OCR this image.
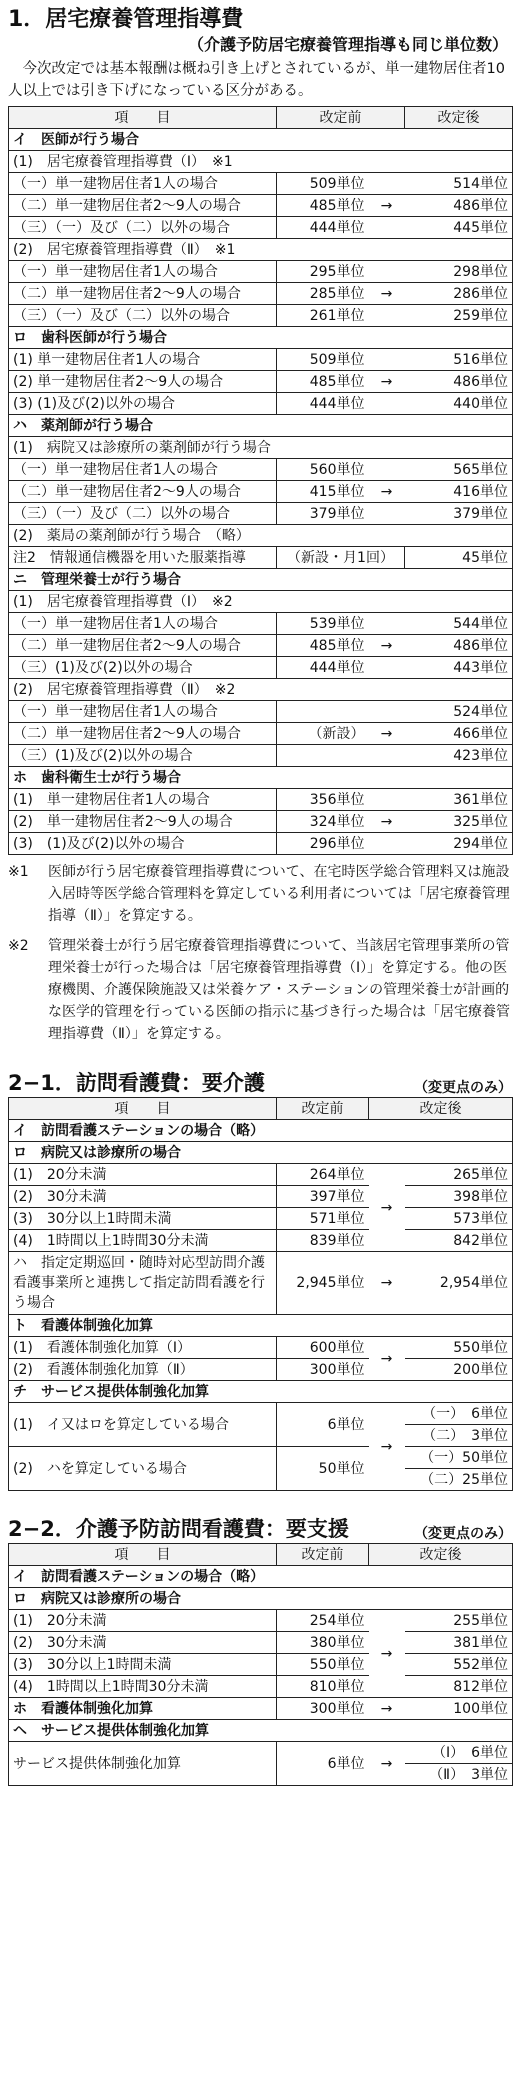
1．居宅療養管理指導費
（介護予防居宅療養管理指導も同じ単位数）
今次改定では基本報酬は概ね引き上げとされているが、単一建物居住者10人以上では引き下げになっている区分がある。
項　　目	改定前		改定後
イ　医師が行う場合			
(1)　居宅療養管理指導費（Ⅰ）　※1			
（一）単一建物居住者1人の場合	509単位		514単位
（二）単一建物居住者2〜9人の場合	485単位	→	486単位
（三）（一）及び（二）以外の場合	444単位		445単位
(2)　居宅療養管理指導費（Ⅱ）　※1			
（一）単一建物居住者1人の場合	295単位		298単位
（二）単一建物居住者2〜9人の場合	285単位	→	286単位
（三）（一）及び（二）以外の場合	261単位		259単位
ロ　歯科医師が行う場合			
(1) 単一建物居住者1人の場合	509単位		516単位
(2) 単一建物居住者2〜9人の場合	485単位	→	486単位
(3) (1)及び(2)以外の場合	444単位		440単位
ハ　薬剤師が行う場合			
(1)　病院又は診療所の薬剤師が行う場合			
（一）単一建物居住者1人の場合	560単位		565単位
（二）単一建物居住者2〜9人の場合	415単位	→	416単位
（三）（一）及び（二）以外の場合	379単位		379単位
(2)　薬局の薬剤師が行う場合　（略）			
注2　情報通信機器を用いた服薬指導	（新設・月1回）		45単位
ニ　管理栄養士が行う場合			
(1)　居宅療養管理指導費（Ⅰ）　※2			
（一）単一建物居住者1人の場合	539単位		544単位
（二）単一建物居住者2〜9人の場合	485単位	→	486単位
（三）(1)及び(2)以外の場合	444単位		443単位
(2)　居宅療養管理指導費（Ⅱ）　※2			
（一）単一建物居住者1人の場合			524単位
（二）単一建物居住者2〜9人の場合	（新設）	→	466単位
（三）(1)及び(2)以外の場合			423単位
ホ　歯科衛生士が行う場合			
(1)　単一建物居住者1人の場合	356単位		361単位
(2)　単一建物居住者2〜9人の場合	324単位	→	325単位
(3)　(1)及び(2)以外の場合	296単位		294単位
※1	医師が行う居宅療養管理指導費について、在宅時医学総合管理料又は施設入居時等医学総合管理料を算定している利用者については「居宅療養管理指導（Ⅱ）」を算定する。
※2	管理栄養士が行う居宅療養管理指導費について、当該居宅管理事業所の管理栄養士が行った場合は「居宅療養管理指導費（Ⅰ）」を算定する。他の医療機関、介護保険施設又は栄養ケア・ステーションの管理栄養士が計画的な医学的管理を行っている医師の指示に基づき行った場合は「居宅療養管理指導費（Ⅱ）」を算定する。
2−1．訪問看護費：要介護	（変更点のみ）
項　　目	改定前	改定後	
イ　訪問看護ステーションの場合（略）			
ロ　病院又は診療所の場合			
(1)　20分未満	264単位	→	265単位
(2)　30分未満	397単位		398単位
(3)　30分以上1時間未満	571単位		573単位
(4)　1時間以上1時間30分未満	839単位		842単位
ハ　指定定期巡回・随時対応型訪問介護看護事業所と連携して指定訪問看護を行う場合	2,945単位	→	2,954単位
ト　看護体制強化加算			
(1)　看護体制強化加算（Ⅰ）	600単位	→	550単位
(2)　看護体制強化加算（Ⅱ）	300単位		200単位
チ　サービス提供体制強化加算			
(1)　イ又はロを算定している場合	6単位	→	（一）　6単位
			（二）　3単位
(2)　ハを算定している場合	50単位		（一）50単位
			（二）25単位
2−2．介護予防訪問看護費：要支援	（変更点のみ）
項　　目	改定前	改定後	
イ　訪問看護ステーションの場合（略）			
ロ　病院又は診療所の場合			
(1)　20分未満	254単位	→	255単位
(2)　30分未満	380単位		381単位
(3)　30分以上1時間未満	550単位		552単位
(4)　1時間以上1時間30分未満	810単位		812単位
ホ　看護体制強化加算	300単位	→	100単位
ヘ　サービス提供体制強化加算			
サービス提供体制強化加算	6単位	→	（Ⅰ）　6単位
			（Ⅱ）　3単位
